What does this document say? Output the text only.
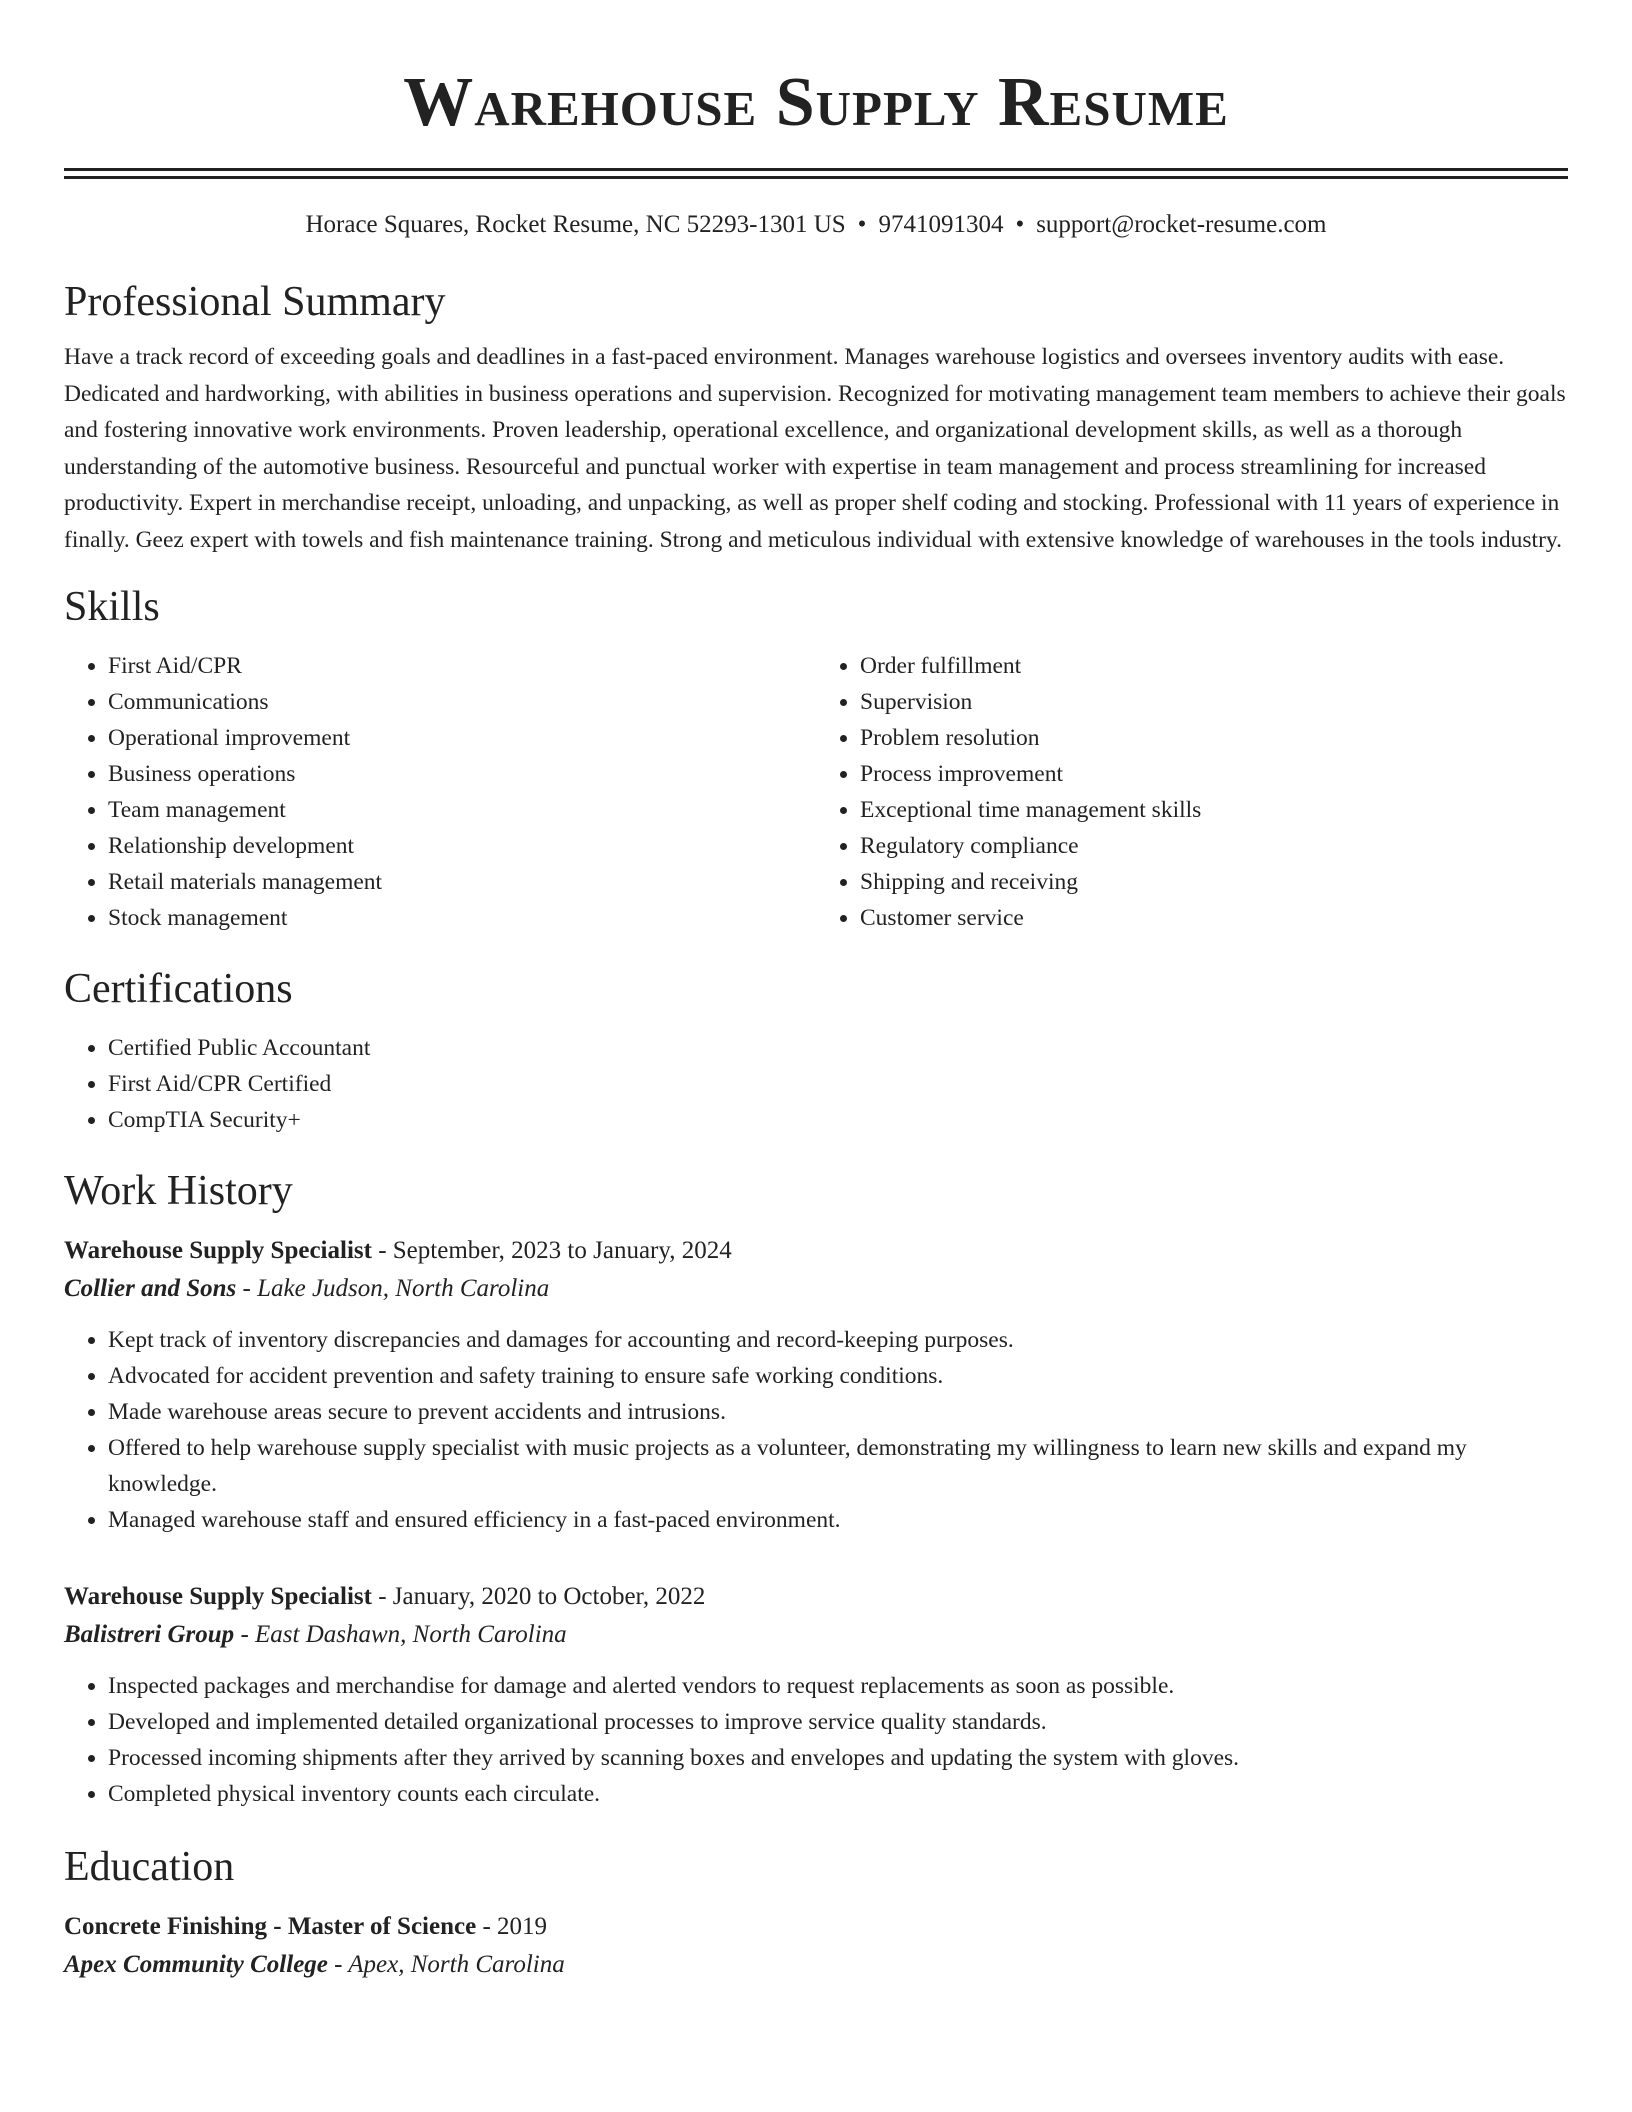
Warehouse Supply Resume
Horace Squares, Rocket Resume, NC 52293-1301 US • 9741091304 • support@rocket-resume.com
Professional Summary

Have a track record of exceeding goals and deadlines in a fast-paced environment. Manages warehouse logistics and oversees inventory audits with ease. Dedicated and hardworking, with abilities in business operations and supervision. Recognized for motivating management team members to achieve their goals and fostering innovative work environments. Proven leadership, operational excellence, and organizational development skills, as well as a thorough understanding of the automotive business. Resourceful and punctual worker with expertise in team management and process streamlining for increased productivity. Expert in merchandise receipt, unloading, and unpacking, as well as proper shelf coding and stocking. Professional with 11 years of experience in finally. Geez expert with towels and fish maintenance training. Strong and meticulous individual with extensive knowledge of warehouses in the tools industry.

Skills
• First Aid/CPR
• Communications
• Operational improvement
• Business operations
• Team management
• Relationship development
• Retail materials management
• Stock management
• Order fulfillment
• Supervision
• Problem resolution
• Process improvement
• Exceptional time management skills
• Regulatory compliance
• Shipping and receiving
• Customer service
Certifications
• Certified Public Accountant
• First Aid/CPR Certified
• CompTIA Security+
Work History
Warehouse Supply Specialist - September, 2023 to January, 2024
Collier and Sons - Lake Judson, North Carolina
• Kept track of inventory discrepancies and damages for accounting and record-keeping purposes.
• Advocated for accident prevention and safety training to ensure safe working conditions.
• Made warehouse areas secure to prevent accidents and intrusions.
• Offered to help warehouse supply specialist with music projects as a volunteer, demonstrating my willingness to learn new skills and expand my knowledge.
• Managed warehouse staff and ensured efficiency in a fast-paced environment.
Warehouse Supply Specialist - January, 2020 to October, 2022
Balistreri Group - East Dashawn, North Carolina
• Inspected packages and merchandise for damage and alerted vendors to request replacements as soon as possible.
• Developed and implemented detailed organizational processes to improve service quality standards.
• Processed incoming shipments after they arrived by scanning boxes and envelopes and updating the system with gloves.
• Completed physical inventory counts each circulate.
Education
Concrete Finishing - Master of Science - 2019
Apex Community College - Apex, North Carolina
